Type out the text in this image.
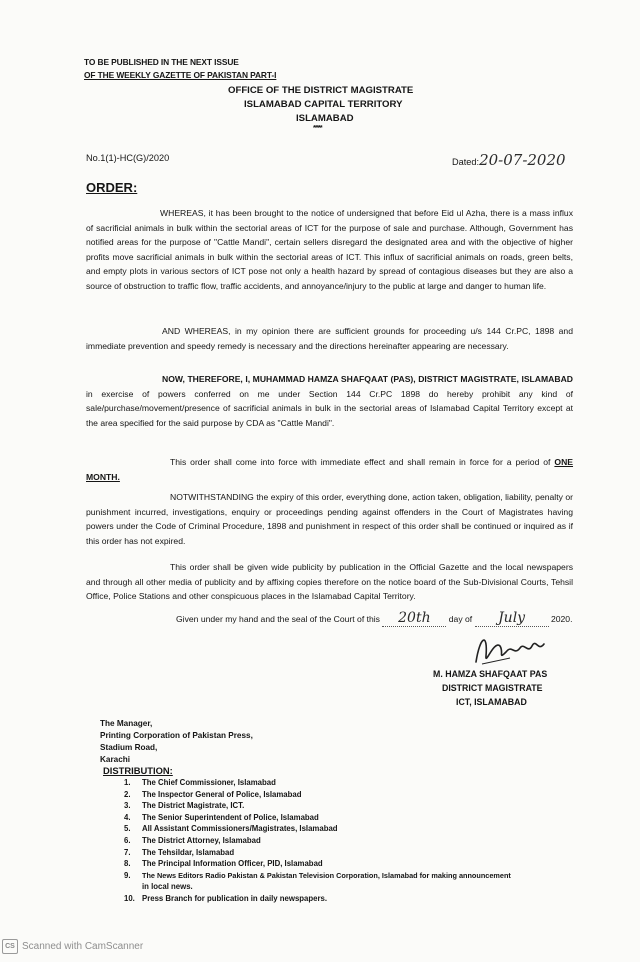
TO BE PUBLISHED IN THE NEXT ISSUE
OF THE WEEKLY GAZETTE OF PAKISTAN PART-I
OFFICE OF THE DISTRICT MAGISTRATE
ISLAMABAD CAPITAL TERRITORY
ISLAMABAD
*****
No.1(1)-HC(G)/2020	Dated:20-07-2020
ORDER:
WHEREAS, it has been brought to the notice of undersigned that before Eid ul Azha, there is a mass influx of sacrificial animals in bulk within the sectorial areas of ICT for the purpose of sale and purchase. Although, Government has notified areas for the purpose of "Cattle Mandi", certain sellers disregard the designated area and with the objective of higher profits move sacrificial animals in bulk within the sectorial areas of ICT. This influx of sacrificial animals on roads, green belts, and empty plots in various sectors of ICT pose not only a health hazard by spread of contagious diseases but they are also a source of obstruction to traffic flow, traffic accidents, and annoyance/injury to the public at large and danger to human life.
AND WHEREAS, in my opinion there are sufficient grounds for proceeding u/s 144 Cr.PC, 1898 and immediate prevention and speedy remedy is necessary and the directions hereinafter appearing are necessary.
NOW, THEREFORE, I, MUHAMMAD HAMZA SHAFQAAT (PAS), DISTRICT MAGISTRATE, ISLAMABAD in exercise of powers conferred on me under Section 144 Cr.PC 1898 do hereby prohibit any kind of sale/purchase/movement/presence of sacrificial animals in bulk in the sectorial areas of Islamabad Capital Territory except at the area specified for the said purpose by CDA as "Cattle Mandi".
This order shall come into force with immediate effect and shall remain in force for a period of ONE MONTH.
NOTWITHSTANDING the expiry of this order, everything done, action taken, obligation, liability, penalty or punishment incurred, investigations, enquiry or proceedings pending against offenders in the Court of Magistrates having powers under the Code of Criminal Procedure, 1898 and punishment in respect of this order shall be continued or inquired as if this order has not expired.
This order shall be given wide publicity by publication in the Official Gazette and the local newspapers and through all other media of publicity and by affixing copies therefore on the notice board of the Sub-Divisional Courts, Tehsil Office, Police Stations and other conspicuous places in the Islamabad Capital Territory.
Given under my hand and the seal of the Court of this 20th day of July	2020.
M. HAMZA SHAFQAAT PAS
DISTRICT MAGISTRATE
ICT, ISLAMABAD
The Manager,
Printing Corporation of Pakistan Press,
Stadium Road,
Karachi
DISTRIBUTION:
1. The Chief Commissioner, Islamabad
2. The Inspector General of Police, Islamabad
3. The District Magistrate, ICT.
4. The Senior Superintendent of Police, Islamabad
5. All Assistant Commissioners/Magistrates, Islamabad
6. The District Attorney, Islamabad
7. The Tehsildar, Islamabad
8. The Principal Information Officer, PID, Islamabad
9. The News Editors Radio Pakistan & Pakistan Television Corporation, Islamabad for making announcement
in local news.
10. Press Branch for publication in daily newspapers.
CS Scanned with CamScanner
